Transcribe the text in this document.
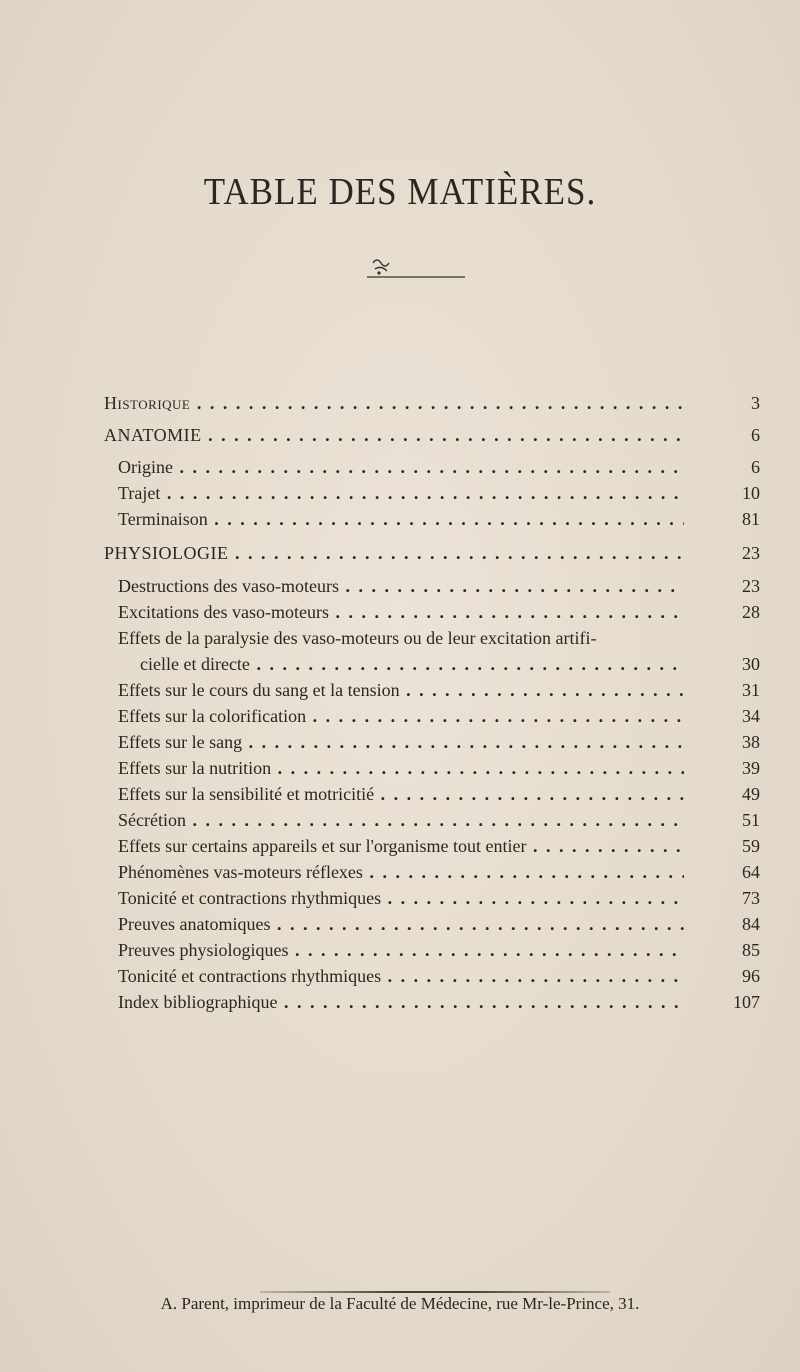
TABLE DES MATIÈRES.
Historique . . .	3
ANATOMIE . . .	6
Origine . . .	6
Trajet . . .	10
Terminaison . . .	81
PHYSIOLOGIE . . .	23
Destructions des vaso-moteurs . . .	23
Excitations des vaso-moteurs . . .	28
Effets de la paralysie des vaso-moteurs ou de leur excitation artifi-
cielle et directe . . .	30
Effets sur le cours du sang et la tension . . .	31
Effets sur la colorification . . .	34
Effets sur le sang . . .	38
Effets sur la nutrition . . .	39
Effets sur la sensibilité et motricitié . . .	49
Sécrétion . . .	51
Effets sur certains appareils et sur l'organisme tout entier . . .	59
Phénomènes vas-moteurs réflexes . . .	64
Tonicité et contractions rhythmiques . . .	73
Preuves anatomiques . . .	84
Preuves physiologiques . . .	85
Tonicité et contractions rhythmiques . . .	96
Index bibliographique . . .	107
A. Parent, imprimeur de la Faculté de Médecine, rue Mr-le-Prince, 31.
